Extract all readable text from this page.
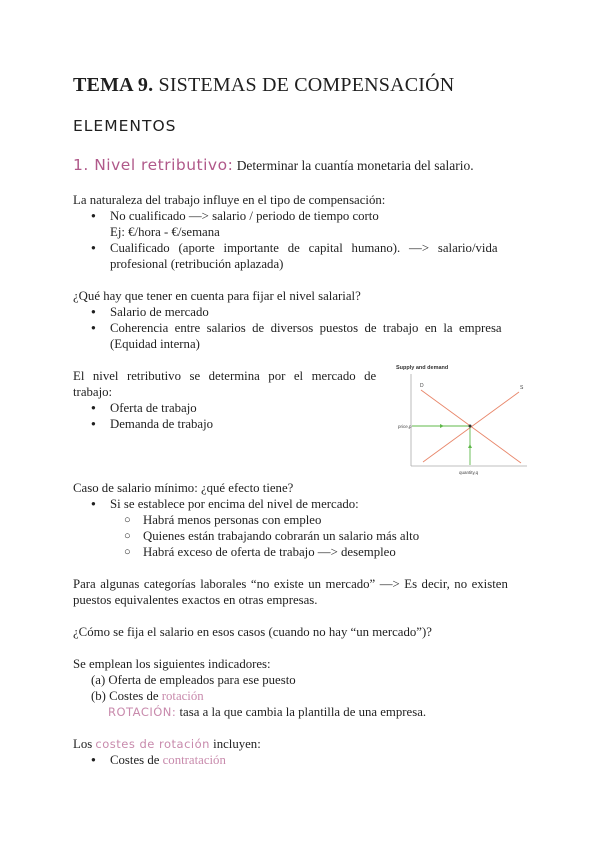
TEMA 9. SISTEMAS DE COMPENSACIÓN
ELEMENTOS
1. Nivel retributivo: Determinar la cuantía monetaria del salario.
La naturaleza del trabajo influye en el tipo de compensación:
● No cualificado —> salario / periodo de tiempo corto
Ej: €/hora - €/semana
● Cualificado (aporte importante de capital humano). —> salario/vida
profesional (retribución aplazada)
¿Qué hay que tener en cuenta para fijar el nivel salarial?
● Salario de mercado
● Coherencia entre salarios de diversos puestos de trabajo en la empresa
(Equidad interna)
El nivel retributivo se determina por el mercado de
trabajo:
● Oferta de trabajo
● Demanda de trabajo
Supply and demand
D	S
price,p
quantity,q
Caso de salario mínimo: ¿qué efecto tiene?
● Si se establece por encima del nivel de mercado:
○ Habrá menos personas con empleo
○ Quienes están trabajando cobrarán un salario más alto
○ Habrá exceso de oferta de trabajo —> desempleo
Para algunas categorías laborales “no existe un mercado” —> Es decir, no existen
puestos equivalentes exactos en otras empresas.
¿Cómo se fija el salario en esos casos (cuando no hay “un mercado”)?
Se emplean los siguientes indicadores:
(a) Oferta de empleados para ese puesto
(b) Costes de rotación
ROTACIÓN: tasa a la que cambia la plantilla de una empresa.
Los costes de rotación incluyen:
● Costes de contratación
